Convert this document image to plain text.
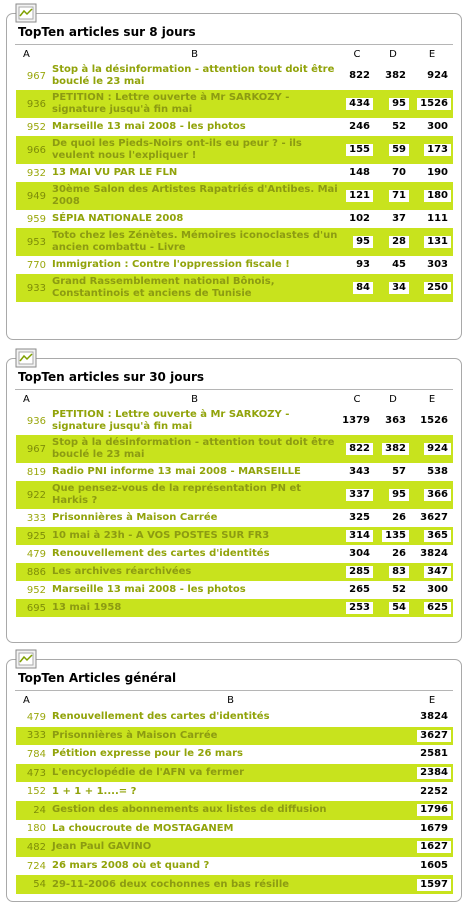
TopTen articles sur 8 jours
A	B	C	D	E
967	Stop à la désinformation - attention tout doit être bouclé le 23 mai	822	382	924
936	PETITION : Lettre ouverte à Mr SARKOZY - signature jusqu'à fin mai	434	95	1526
952	Marseille 13 mai 2008 - les photos	246	52	300
966	De quoi les Pieds-Noirs ont-ils eu peur ? - ils veulent nous l'expliquer !	155	59	173
932	13 MAI VU PAR LE FLN	148	70	190
949	30ème Salon des Artistes Rapatriés d'Antibes. Mai 2008	121	71	180
959	SÉPIA NATIONALE 2008	102	37	111
953	Toto chez les Zénètes. Mémoires iconoclastes d'un ancien combattu - Livre	95	28	131
770	Immigration : Contre l'oppression fiscale !	93	45	303
933	Grand Rassemblement national Bônois, Constantinois et anciens de Tunisie	84	34	250
TopTen articles sur 30 jours
A	B	C	D	E
936	PETITION : Lettre ouverte à Mr SARKOZY - signature jusqu'à fin mai	1379	363	1526
967	Stop à la désinformation - attention tout doit être bouclé le 23 mai	822	382	924
819	Radio PNI informe 13 mai 2008 - MARSEILLE	343	57	538
922	Que pensez-vous de la représentation PN et Harkis ?	337	95	366
333	Prisonnières à Maison Carrée	325	26	3627
925	10 mai à 23h - A VOS POSTES SUR FR3	314	135	365
479	Renouvellement des cartes d'identités	304	26	3824
886	Les archives réarchivées	285	83	347
952	Marseille 13 mai 2008 - les photos	265	52	300
695	13 mai 1958	253	54	625
TopTen Articles général
A	B	E
479	Renouvellement des cartes d'identités	3824
333	Prisonnières à Maison Carrée	3627
784	Pétition expresse pour le 26 mars	2581
473	L'encyclopédie de l'AFN va fermer	2384
152	1 + 1 + 1....= ?	2252
24	Gestion des abonnements aux listes de diffusion	1796
180	La choucroute de MOSTAGANEM	1679
482	Jean Paul GAVINO	1627
724	26 mars 2008 où et quand ?	1605
54	29-11-2006 deux cochonnes en bas résille	1597
